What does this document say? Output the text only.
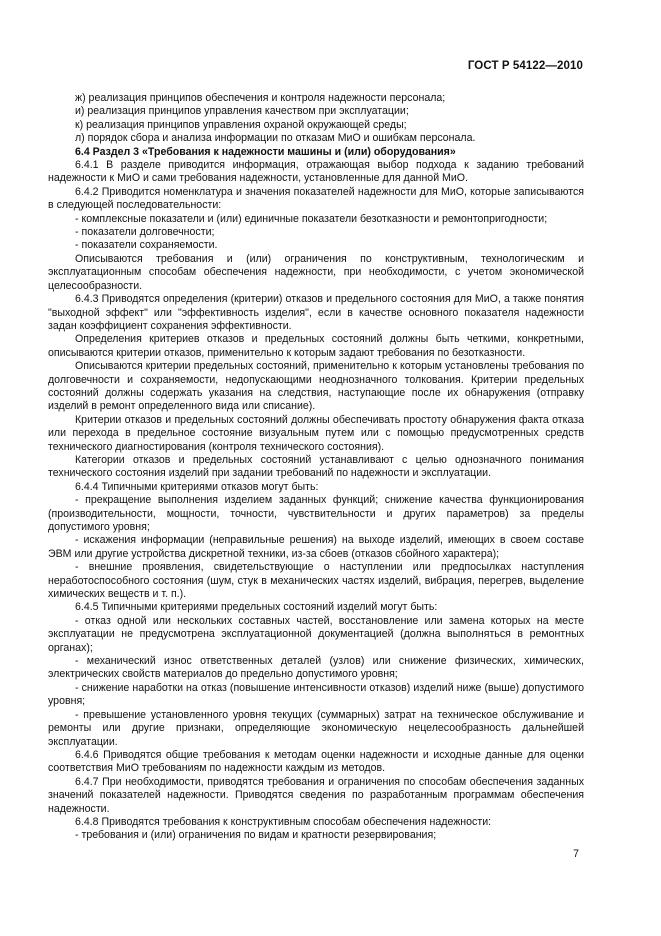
ГОСТ Р 54122—2010

ж) реализация принципов обеспечения и контроля надежности персонала;

и) реализация принципов управления качеством при эксплуатации;

к) реализация принципов управления охраной окружающей среды;

л) порядок сбора и анализа информации по отказам МиО и ошибкам персонала.

6.4 Раздел 3 «Требования к надежности машины и (или) оборудования»

6.4.1 В разделе приводится информация, отражающая выбор подхода к заданию требований надежности к МиО и сами требования надежности, установленные для данной МиО.

6.4.2 Приводится номенклатура и значения показателей надежности для МиО, которые записываются в следующей последовательности:

- комплексные показатели и (или) единичные показатели безотказности и ремонтопригодности;

- показатели долговечности;

- показатели сохраняемости.

Описываются требования и (или) ограничения по конструктивным, технологическим и эксплуатационным способам обеспечения надежности, при необходимости, с учетом экономической целесообразности.

6.4.3 Приводятся определения (критерии) отказов и предельного состояния для МиО, а также понятия "выходной эффект" или "эффективность изделия", если в качестве основного показателя надежности задан коэффициент сохранения эффективности.

Определения критериев отказов и предельных состояний должны быть четкими, конкретными, описываются критерии отказов, применительно к которым задают требования по безотказности.

Описываются критерии предельных состояний, применительно к которым установлены требования по долговечности и сохраняемости, недопускающими неоднозначного толкования. Критерии предельных состояний должны содержать указания на следствия, наступающие после их обнаружения (отправку изделий в ремонт определенного вида или списание).

Критерии отказов и предельных состояний должны обеспечивать простоту обнаружения факта отказа или перехода в предельное состояние визуальным путем или с помощью предусмотренных средств технического диагностирования (контроля технического состояния).

Категории отказов и предельных состояний устанавливают с целью однозначного понимания технического состояния изделий при задании требований по надежности и эксплуатации.

6.4.4 Типичными критериями отказов могут быть:

- прекращение выполнения изделием заданных функций; снижение качества функционирования (производительности, мощности, точности, чувствительности и других параметров) за пределы допустимого уровня;

- искажения информации (неправильные решения) на выходе изделий, имеющих в своем составе ЭВМ или другие устройства дискретной техники, из-за сбоев (отказов сбойного характера);

- внешние проявления, свидетельствующие о наступлении или предпосылках наступления неработоспособного состояния (шум, стук в механических частях изделий, вибрация, перегрев, выделение химических веществ и т. п.).

6.4.5 Типичными критериями предельных состояний изделий могут быть:

- отказ одной или нескольких составных частей, восстановление или замена которых на месте эксплуатации не предусмотрена эксплуатационной документацией (должна выполняться в ремонтных органах);

- механический износ ответственных деталей (узлов) или снижение физических, химических, электрических свойств материалов до предельно допустимого уровня;

- снижение наработки на отказ (повышение интенсивности отказов) изделий ниже (выше) допустимого уровня;

- превышение установленного уровня текущих (суммарных) затрат на техническое обслуживание и ремонты или другие признаки, определяющие экономическую нецелесообразность дальнейшей эксплуатации.

6.4.6 Приводятся общие требования к методам оценки надежности и исходные данные для оценки соответствия МиО требованиям по надежности каждым из методов.

6.4.7 При необходимости, приводятся требования и ограничения по способам обеспечения заданных значений показателей надежности. Приводятся сведения по разработанным программам обеспечения надежности.

6.4.8 Приводятся требования к конструктивным способам обеспечения надежности:

- требования и (или) ограничения по видам и кратности резервирования;

7
